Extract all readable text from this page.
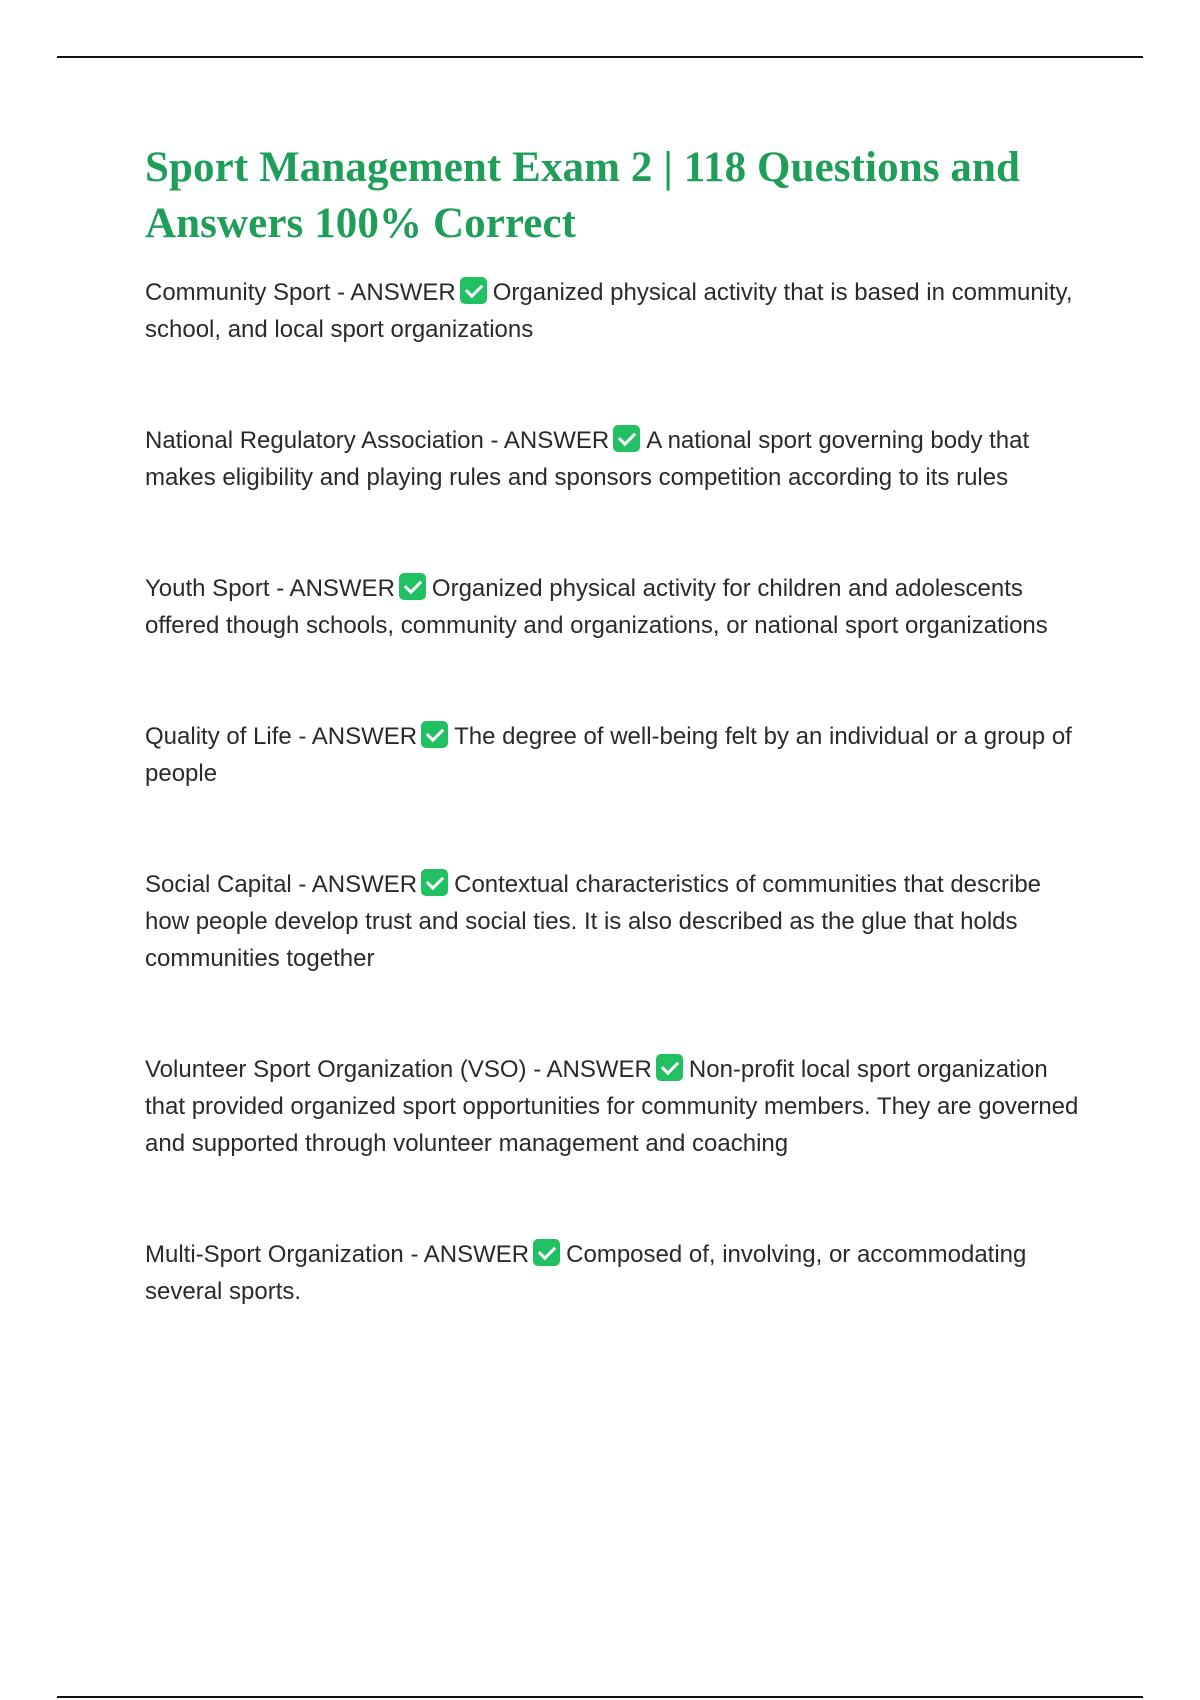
Sport Management Exam 2 | 118 Questions and Answers 100% Correct
Community Sport - ANSWER Organized physical activity that is based in community, school, and local sport organizations
National Regulatory Association - ANSWER A national sport governing body that makes eligibility and playing rules and sponsors competition according to its rules
Youth Sport - ANSWER Organized physical activity for children and adolescents offered though schools, community and organizations, or national sport organizations
Quality of Life - ANSWER The degree of well-being felt by an individual or a group of people
Social Capital - ANSWER Contextual characteristics of communities that describe how people develop trust and social ties. It is also described as the glue that holds communities together
Volunteer Sport Organization (VSO) - ANSWER Non-profit local sport organization that provided organized sport opportunities for community members. They are governed and supported through volunteer management and coaching
Multi-Sport Organization - ANSWER Composed of, involving, or accommodating several sports.
